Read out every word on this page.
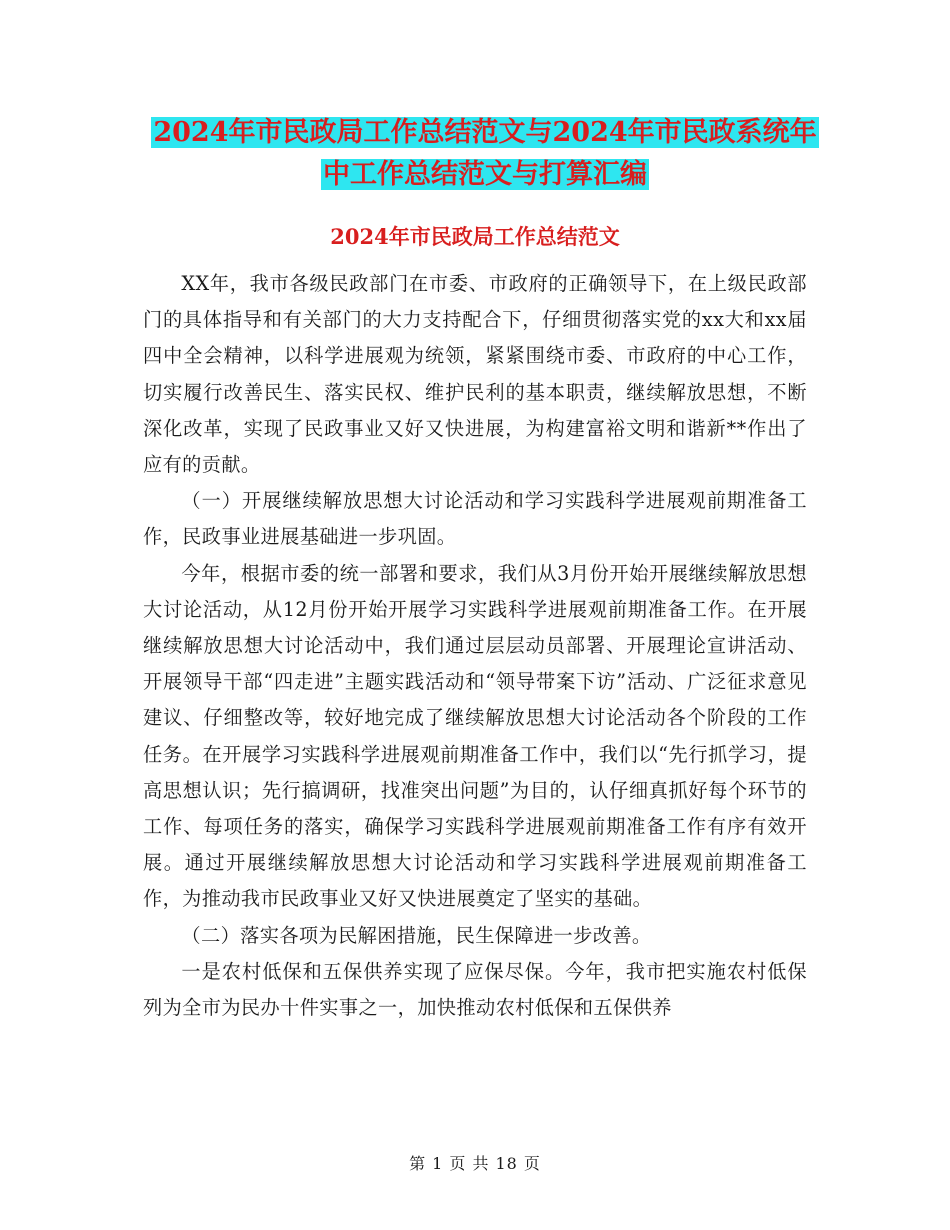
2024年市民政局工作总结范文与2024年市民政系统年
中工作总结范文与打算汇编
2024年市民政局工作总结范文

XX年，我市各级民政部门在市委、市政府的正确领导下，在上级民政部门的具体指导和有关部门的大力支持配合下，仔细贯彻落实党的xx大和xx届四中全会精神，以科学进展观为统领，紧紧围绕市委、市政府的中心工作，切实履行改善民生、落实民权、维护民利的基本职责，继续解放思想，不断深化改革，实现了民政事业又好又快进展，为构建富裕文明和谐新**作出了应有的贡献。

（一）开展继续解放思想大讨论活动和学习实践科学进展观前期准备工作，民政事业进展基础进一步巩固。

今年，根据市委的统一部署和要求，我们从3月份开始开展继续解放思想大讨论活动，从12月份开始开展学习实践科学进展观前期准备工作。在开展继续解放思想大讨论活动中，我们通过层层动员部署、开展理论宣讲活动、开展领导干部“四走进”主题实践活动和“领导带案下访”活动、广泛征求意见建议、仔细整改等，较好地完成了继续解放思想大讨论活动各个阶段的工作任务。在开展学习实践科学进展观前期准备工作中，我们以“先行抓学习，提高思想认识；先行搞调研，找准突出问题”为目的，认仔细真抓好每个环节的工作、每项任务的落实，确保学习实践科学进展观前期准备工作有序有效开展。通过开展继续解放思想大讨论活动和学习实践科学进展观前期准备工作，为推动我市民政事业又好又快进展奠定了坚实的基础。

（二）落实各项为民解困措施，民生保障进一步改善。

一是农村低保和五保供养实现了应保尽保。今年，我市把实施农村低保列为全市为民办十件实事之一，加快推动农村低保和五保供养

第 1 页 共 18 页
